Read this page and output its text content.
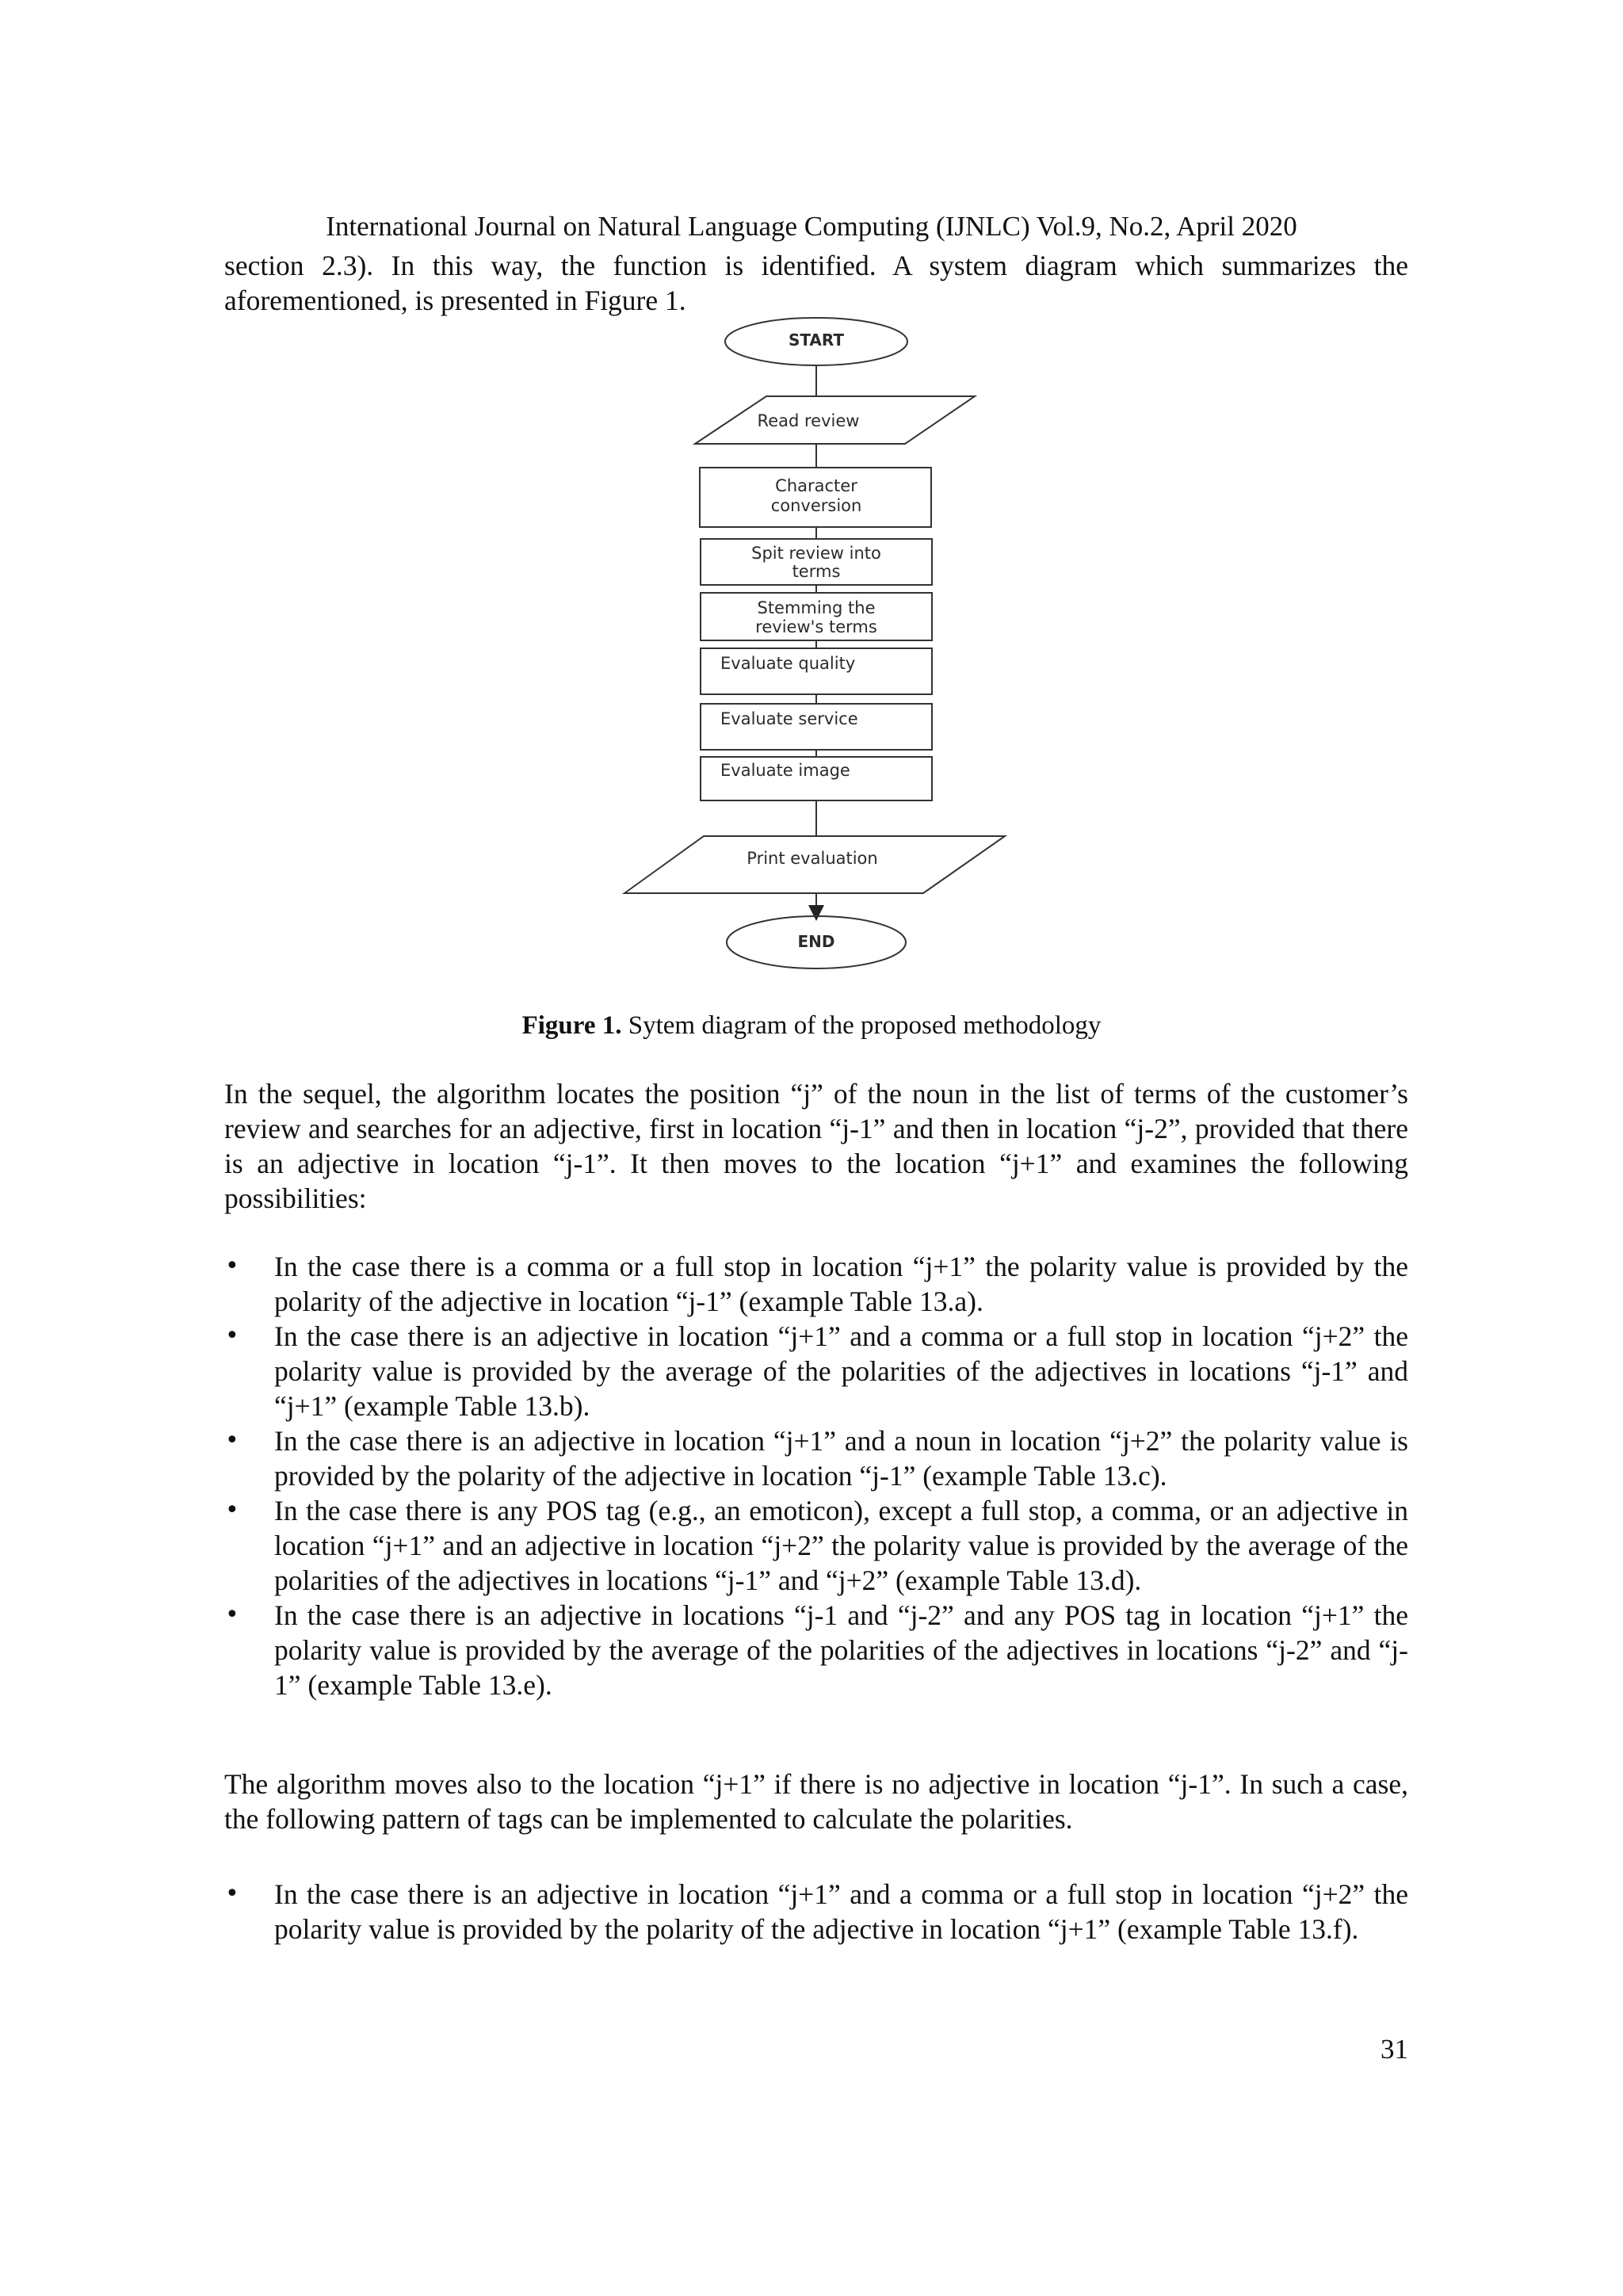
International Journal on Natural Language Computing (IJNLC) Vol.9, No.2, April 2020
section 2.3). In this way, the function is identified. A system diagram which summarizes the aforementioned, is presented in Figure 1.
START
Read review
Character
conversion
Spit review into
terms
Stemming the
review's terms
Evaluate quality
Evaluate service
Evaluate image
Print evaluation
END
Figure 1. Sytem diagram of the proposed methodology
In the sequel, the algorithm locates the position “j” of the noun in the list of terms of the customer’s review and searches for an adjective, first in location “j-1” and then in location “j-2”, provided that there is an adjective in location “j-1”. It then moves to the location “j+1” and examines the following possibilities:
• In the case there is a comma or a full stop in location “j+1” the polarity value is provided by the polarity of the adjective in location “j-1” (example Table 13.a).
• In the case there is an adjective in location “j+1” and a comma or a full stop in location “j+2” the polarity value is provided by the average of the polarities of the adjectives in locations “j-1” and “j+1” (example Table 13.b).
• In the case there is an adjective in location “j+1” and a noun in location “j+2” the polarity value is provided by the polarity of the adjective in location “j-1” (example Table 13.c).
• In the case there is any POS tag (e.g., an emoticon), except a full stop, a comma, or an adjective in location “j+1” and an adjective in location “j+2” the polarity value is provided by the average of the polarities of the adjectives in locations “j-1” and “j+2” (example Table 13.d).
• In the case there is an adjective in locations “j-1 and “j-2” and any POS tag in location “j+1” the polarity value is provided by the average of the polarities of the adjectives in locations “j-2” and “j-1” (example Table 13.e).
The algorithm moves also to the location “j+1” if there is no adjective in location “j-1”. In such a case, the following pattern of tags can be implemented to calculate the polarities.
• In the case there is an adjective in location “j+1” and a comma or a full stop in location “j+2” the polarity value is provided by the polarity of the adjective in location “j+1” (example Table 13.f).
31
